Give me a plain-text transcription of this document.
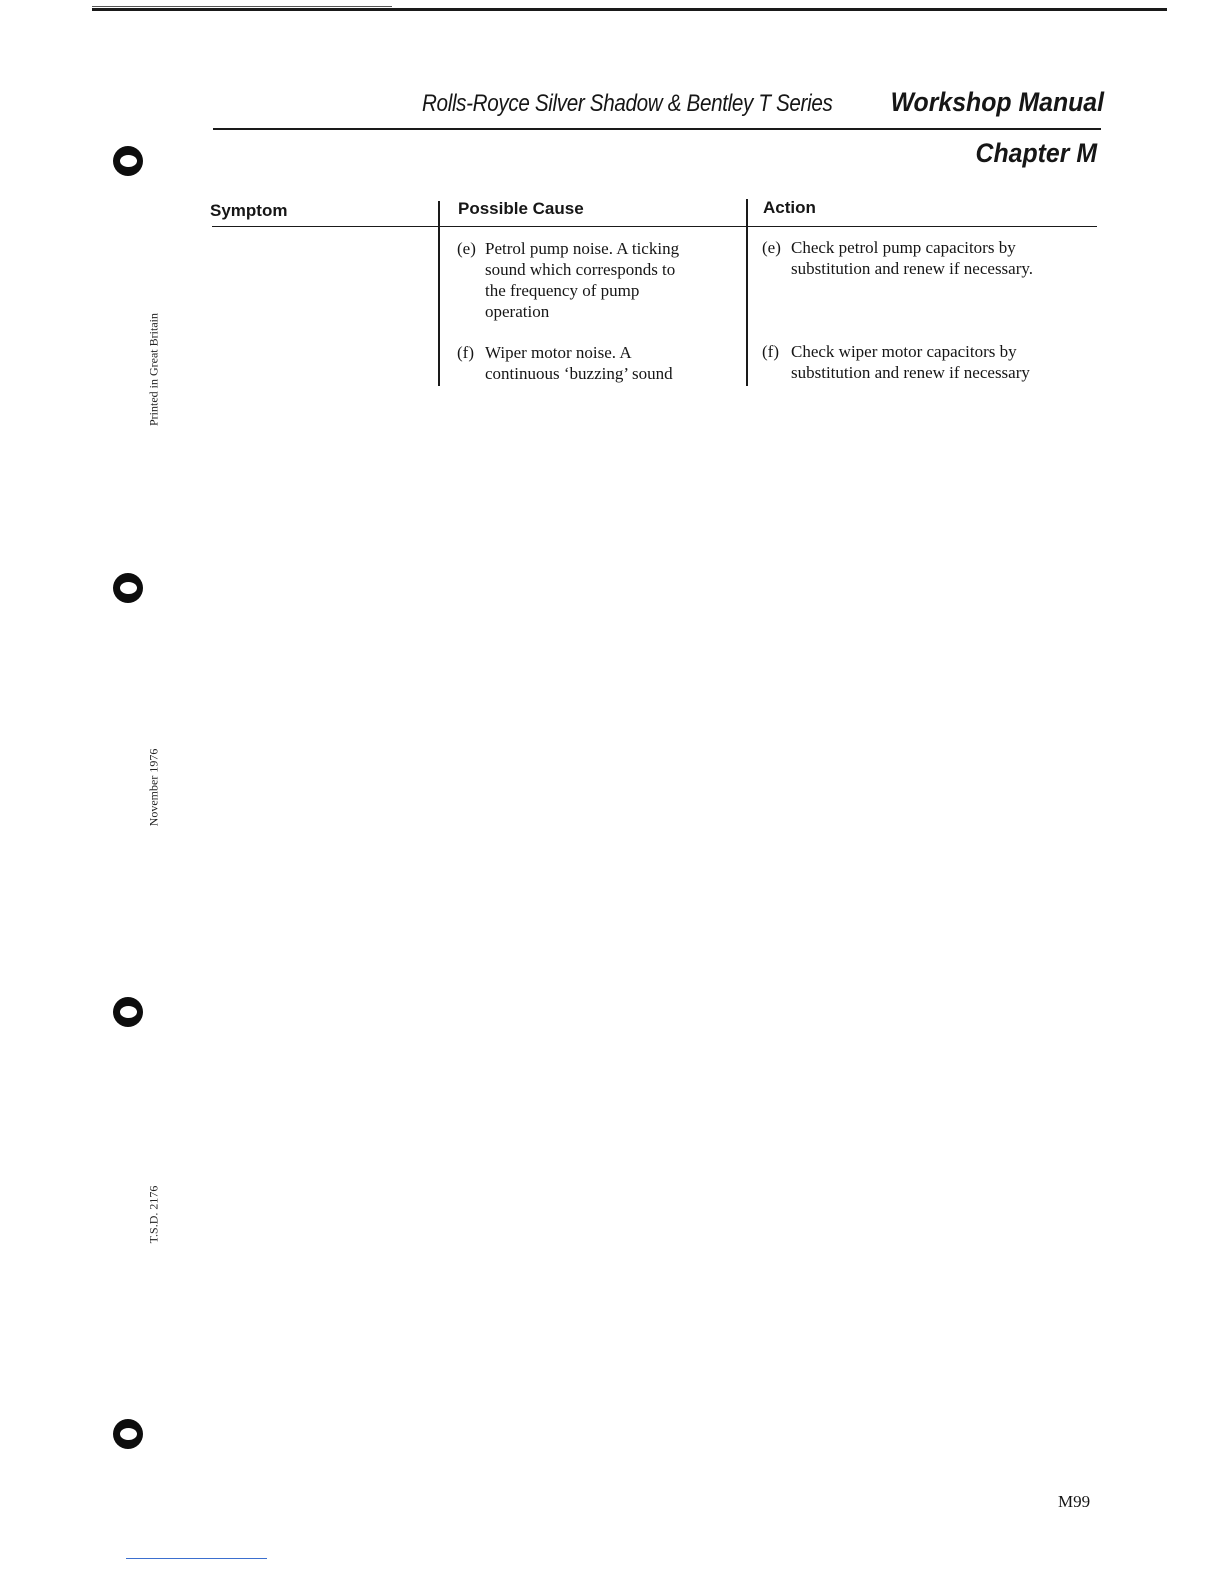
Printed in Great Britain
November 1976
T.S.D. 2176
Rolls-Royce Silver Shadow & Bentley T Series Workshop Manual
Chapter M
Symptom	Possible Cause	Action
(e) Petrol pump noise. A ticking
sound which corresponds to
the frequency of pump
operation
(e) Check petrol pump capacitors by
substitution and renew if necessary.
(f) Wiper motor noise. A
continuous ‘buzzing’ sound
(f) Check wiper motor capacitors by
substitution and renew if necessary
M99
